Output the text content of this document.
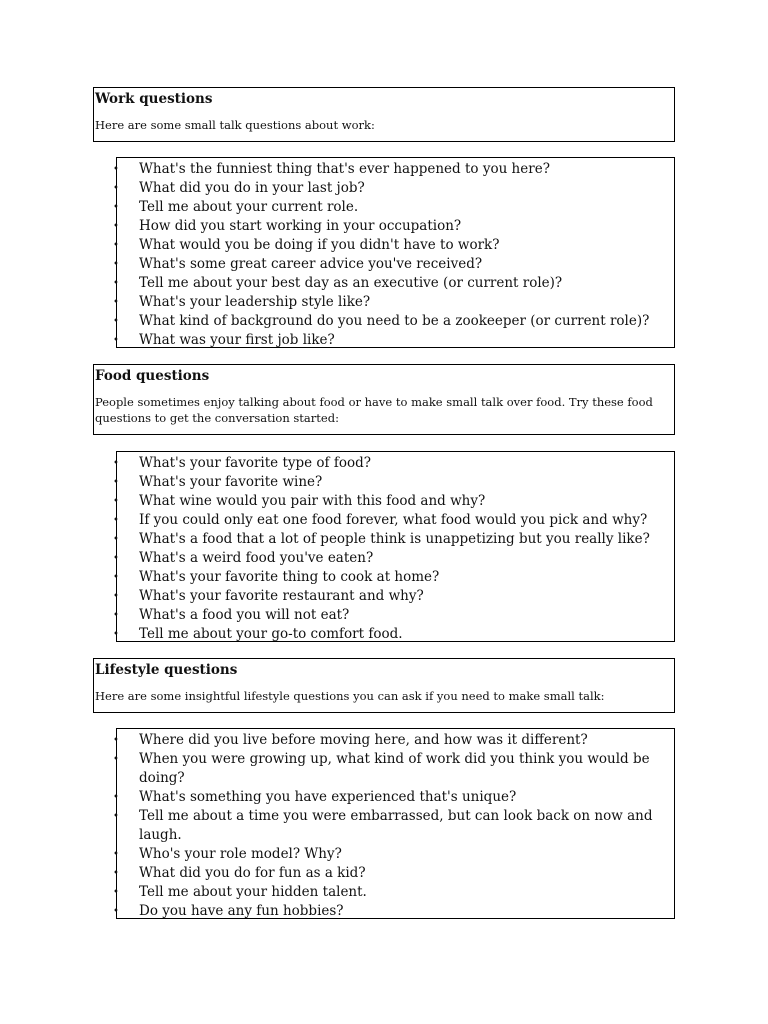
Work questions

Here are some small talk questions about work:

• What's the funniest thing that's ever happened to you here?
• What did you do in your last job?
• Tell me about your current role.
• How did you start working in your occupation?
• What would you be doing if you didn't have to work?
• What's some great career advice you've received?
• Tell me about your best day as an executive (or current role)?
• What's your leadership style like?
• What kind of background do you need to be a zookeeper (or current role)?
• What was your first job like?

Food questions

People sometimes enjoy talking about food or have to make small talk over food. Try these food questions to get the conversation started:

• What's your favorite type of food?
• What's your favorite wine?
• What wine would you pair with this food and why?
• If you could only eat one food forever, what food would you pick and why?
• What's a food that a lot of people think is unappetizing but you really like?
• What's a weird food you've eaten?
• What's your favorite thing to cook at home?
• What's your favorite restaurant and why?
• What's a food you will not eat?
• Tell me about your go-to comfort food.

Lifestyle questions

Here are some insightful lifestyle questions you can ask if you need to make small talk:

• Where did you live before moving here, and how was it different?
• When you were growing up, what kind of work did you think you would be doing?
• What's something you have experienced that's unique?
• Tell me about a time you were embarrassed, but can look back on now and laugh.
• Who's your role model? Why?
• What did you do for fun as a kid?
• Tell me about your hidden talent.
• Do you have any fun hobbies?
